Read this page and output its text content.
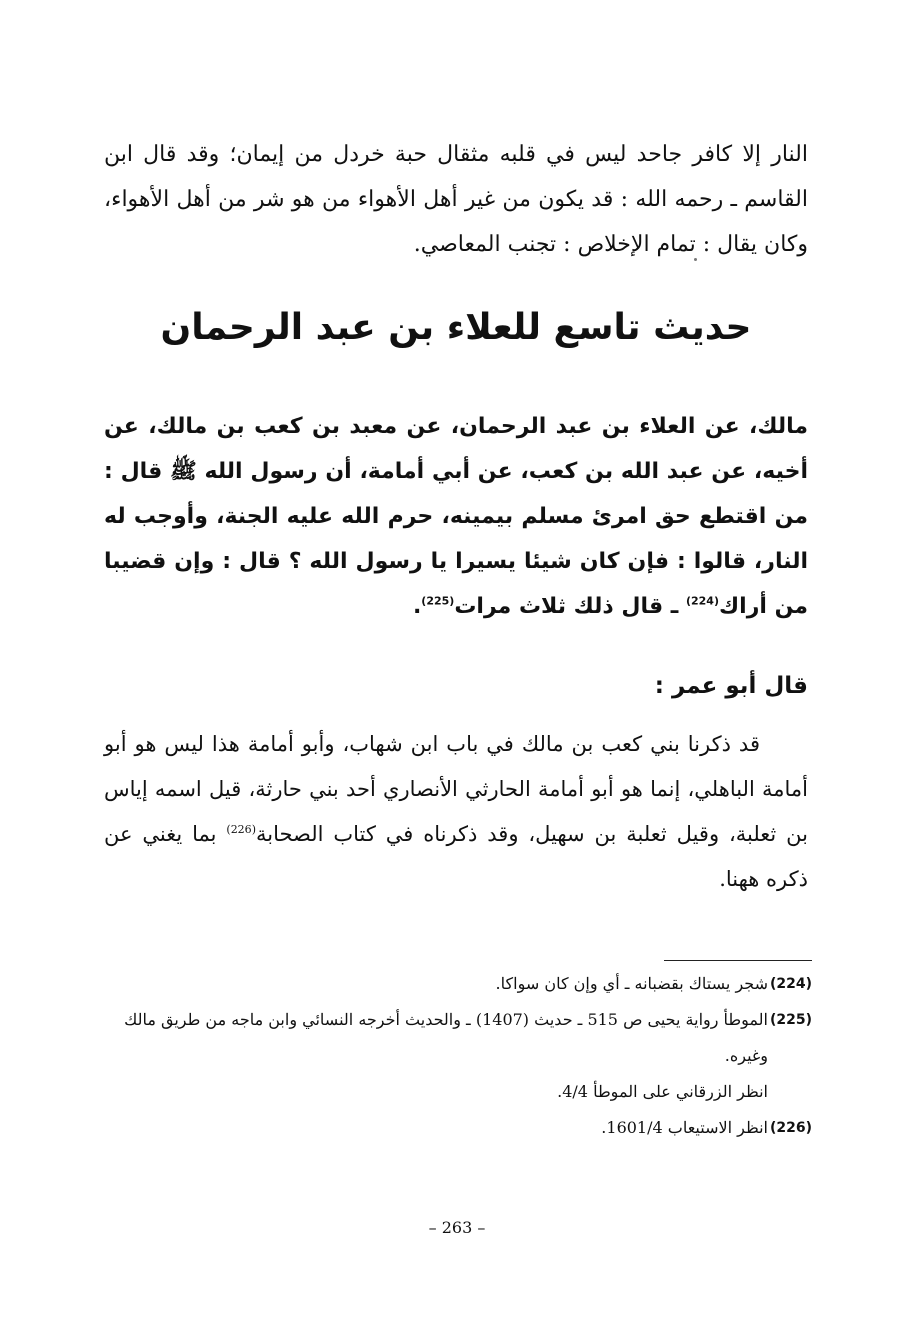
النار إلا كافر جاحد ليس في قلبه مثقال حبة خردل من إيمان؛ وقد قال ابن القاسم ـ رحمه الله : قد يكون من غير أهل الأهواء من هو شر من أهل الأهواء، وكان يقال : تمام الإخلاص : تجنب المعاصي.

حديث تاسع للعلاء بن عبد الرحمان

مالك، عن العلاء بن عبد الرحمان، عن معبد بن كعب بن مالك، عن أخيه، عن عبد الله بن كعب، عن أبي أمامة، أن رسول الله ﷺ قال : من اقتطع حق امرئ مسلم بيمينه، حرم الله عليه الجنة، وأوجب له النار، قالوا : فإن كان شيئا يسيرا يا رسول الله ؟ قال : وإن قضيبا من أراك$^{(224)}$ ـ قال ذلك ثلاث مرات$^{(225)}$.

قال أبو عمر :

قد ذكرنا بني كعب بن مالك في باب ابن شهاب، وأبو أمامة هذا ليس هو أبو أمامة الباهلي، إنما هو أبو أمامة الحارثي الأنصاري أحد بني حارثة، قيل اسمه إياس بن ثعلبة، وقيل ثعلبة بن سهيل، وقد ذكرناه في كتاب الصحابة$^{(226)}$ بما يغني عن ذكره ههنا.

(224)
شجر يستاك بقضبانه ـ أي وإن كان سواكا.
(225)
الموطأ رواية يحيى ص 515 ـ حديث (1407) ـ والحديث أخرجه النسائي وابن ماجه من طريق مالك وغيره.
انظر الزرقاني على الموطأ 4/4.
(226)
انظر الاستيعاب 1601/4.
– 263 –
